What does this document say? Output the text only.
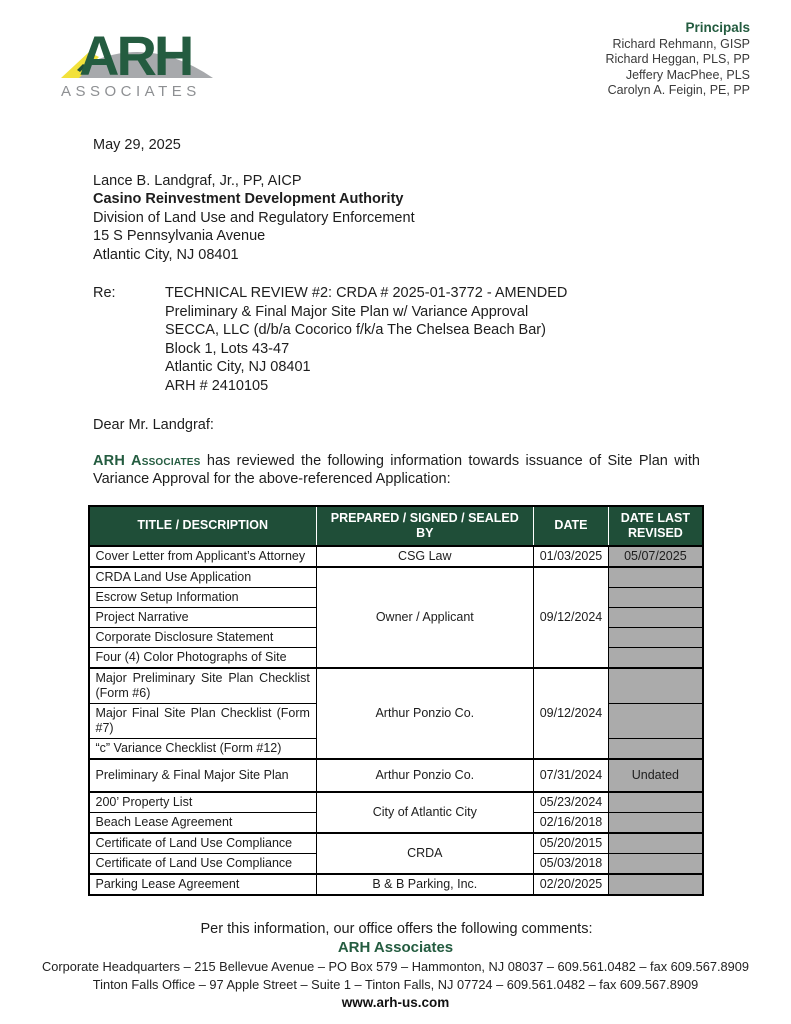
ARH
ASSOCIATES
Principals
Richard Rehmann, GISP
Richard Heggan, PLS, PP
Jeffery MacPhee, PLS
Carolyn A. Feigin, PE, PP
May 29, 2025
Lance B. Landgraf, Jr., PP, AICP
Casino Reinvestment Development Authority
Division of Land Use and Regulatory Enforcement
15 S Pennsylvania Avenue
Atlantic City, NJ 08401
Re:	TECHNICAL REVIEW #2: CRDA # 2025-01-3772 - AMENDED
Preliminary & Final Major Site Plan w/ Variance Approval
SECCA, LLC (d/b/a Cocorico f/k/a The Chelsea Beach Bar)
Block 1, Lots 43-47
Atlantic City, NJ 08401
ARH # 2410105
Dear Mr. Landgraf:

ARH Associates has reviewed the following information towards issuance of Site Plan with Variance Approval for the above-referenced Application:

TITLE / DESCRIPTION	PREPARED / SIGNED / SEALED BY	DATE	DATE LAST REVISED
Cover Letter from Applicant’s Attorney	CSG Law	01/03/2025	05/07/2025
CRDA Land Use Application	Owner / Applicant	09/12/2024	
Escrow Setup Information			
Project Narrative			
Corporate Disclosure Statement			
Four (4) Color Photographs of Site			
Major Preliminary Site Plan Checklist (Form #6)	Arthur Ponzio Co.	09/12/2024	
Major Final Site Plan Checklist (Form #7)			
“c” Variance Checklist (Form #12)			
Preliminary & Final Major Site Plan	Arthur Ponzio Co.	07/31/2024	Undated
200’ Property List	City of Atlantic City	05/23/2024	
Beach Lease Agreement		02/16/2018	
Certificate of Land Use Compliance	CRDA	05/20/2015	
Certificate of Land Use Compliance		05/03/2018	
Parking Lease Agreement	B & B Parking, Inc.	02/20/2025	
Per this information, our office offers the following comments:
ARH Associates
Corporate Headquarters – 215 Bellevue Avenue – PO Box 579 – Hammonton, NJ 08037 – 609.561.0482 – fax 609.567.8909
Tinton Falls Office – 97 Apple Street – Suite 1 – Tinton Falls, NJ 07724 – 609.561.0482 – fax 609.567.8909
www.arh-us.com
